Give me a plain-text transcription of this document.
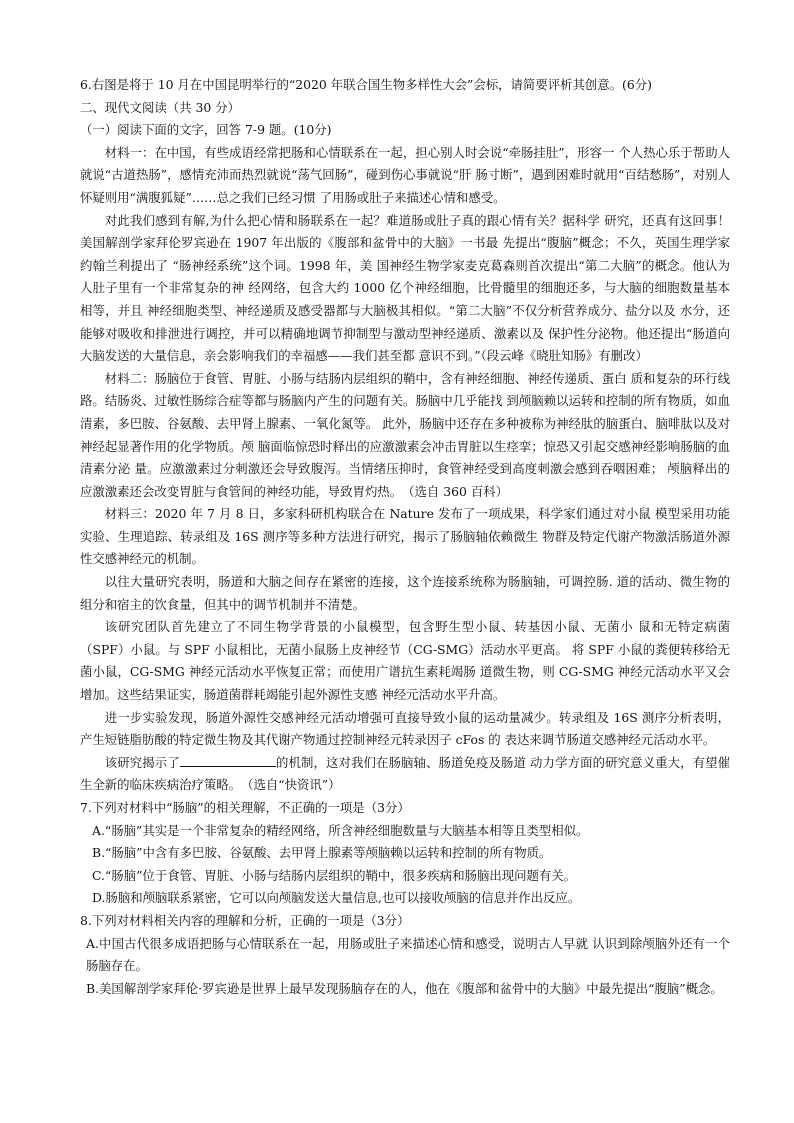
6.右图是将于 10 月在中国昆明举行的“2020 年联合国生物多样性大会”会标，请简要评析其创意。(6分)

二、现代文阅读（共 30 分）

（一）阅读下面的文字，回答 7-9 题。(10分)

材料一：在中国，有些成语经常把肠和心情联系在一起，担心别人时会说“牵肠挂肚”，形容一 个人热心乐于帮助人就说“古道热肠”，感情充沛而热烈就说“荡气回肠”，碰到伤心事就说“肝 肠寸断”，遇到困难时就用“百结愁肠”，对别人怀疑则用“满腹狐疑”……总之我们已经习惯 了用肠或肚子来描述心情和感受。

对此我们感到有解,为什么把心情和肠联系在一起？难道肠或肚子真的跟心情有关？据科学 研究，还真有这回事！美国解剖学家拜伦罗宾逊在 1907 年出版的《腹部和盆骨中的大脑》一书最 先提出“腹脑”概念；不久，英国生理学家约翰兰利提出了 “肠神经系统”这个词。1998 年，美 国神经生物学家麦克葛森则首次提出“第二大脑”的概念。他认为人肚子里有一个非常复杂的神 经网络，包含大约 1000 亿个神经细胞，比骨髓里的细胞还多，与大脑的细胞数量基本相等，并且 神经细胞类型、神经递质及感受器都与大脑极其相似。“第二大脑”不仅分析营养成分、盐分以及 水分，还能够对吸收和排泄进行调控，并可以精确地调节抑制型与激动型神经递质、激素以及 保护性分泌物。他还提出“肠道向大脑发送的大量信息，亲会影响我们的幸福感——我们甚至都 意识不到。”（段云峰《晓肚知肠》有删改）

材料二：肠脑位于食管、胃脏、小肠与结肠内层组织的鞘中，含有神经细胞、神经传递质、蛋白 质和复杂的环行线路。结肠炎、过敏性肠综合症等都与肠脑内产生的问题有关。肠脑中几乎能找 到颅脑赖以运转和控制的所有物质，如血清素，多巴胺、谷氨酸、去甲肾上腺素、一氧化氮等。 此外，肠脑中还存在多种被称为神经肽的脑蛋白、脑啡肽以及对神经起显著作用的化学物质。颅 脑面临惊恐时释出的应激激素会冲击胃脏以生痉挛；惊恐又引起交感神经影响肠脑的血清素分泌 量。应激激素过分刺激还会导致腹泻。当情绪压抑时，食管神经受到高度刺激会感到吞咽困难； 颅脑释出的应激激素还会改变胃脏与食管间的神经功能，导致胃灼热。　（选自 360 百科）

材料三：2020 年 7 月 8 日，多家科研机构联合在 Nature 发布了一项成果，科学家们通过对小鼠 模型采用功能实验、生理追踪、转录组及 16S 测序等多种方法进行研究，揭示了肠脑轴依赖微生 物群及特定代谢产物激活肠道外源性交感神经元的机制。

以往大量研究表明，肠道和大脑之间存在紧密的连接，这个连接系统称为肠脑轴，可调控肠. 道的活动、微生物的组分和宿主的饮食量，但其中的调节机制并不清楚。

该研究团队首先建立了不同生物学背景的小鼠模型，包含野生型小鼠、转基因小鼠、无菌小 鼠和无特定病菌（SPF）小鼠。与 SPF 小鼠相比，无菌小鼠肠上皮神经节（CG-SMG）活动水平更高。 将 SPF 小鼠的粪便转移给无菌小鼠，CG-SMG 神经元活动水平恢复正常；而使用广谱抗生素耗竭肠 道微生物，则 CG-SMG 神经元活动水平又会增加。这些结果证实，肠道菌群耗竭能引起外源性支感 神经元活动水平升高。

进一步实验发现，肠道外源性交感神经元活动增强可直接导致小鼠的运动量减少。转录组及 16S 测序分析表明，产生短链脂肪酸的特定微生物及其代谢产物通过控制神经元转录因子 cFos 的 表达来调节肠道交感神经元活动水平。

该研究揭示了	的机制，这对我们在肠脑轴、肠道免疫及肠道 动力学方面的研究意义重大，有望催生全新的临床疾病治疗策略。　（选自“快资讯”）

7.下列对材料中“肠脑”的相关理解，不正确的一项是（3分）

A.“肠脑”其实是一个非常复杂的精经网络，所含神经细胞数量与大脑基本相等且类型相似。

B.“肠脑”中含有多巴胺、谷氨酸、去甲肾上腺素等颅脑赖以运转和控制的所有物质。

C.“肠脑”位于食管、胃脏、小肠与结肠内层组织的鞘中，很多疾病和肠脑出现问题有关。

D.肠脑和颅脑联系紧密，它可以向颅脑发送大量信息,也可以接收颅脑的信息并作出反应。

8.下列对材料相关内容的理解和分析，正确的一项是（3分）

A.中国古代很多成语把肠与心情联系在一起，用肠或肚子来描述心情和感受，说明古人早就 认识到除颅脑外还有一个肠脑存在。

B.美国解剖学家拜伦·罗宾逊是世界上最早发现肠脑存在的人，他在《腹部和盆骨中的大脑》中最先提出“腹脑”概念。
